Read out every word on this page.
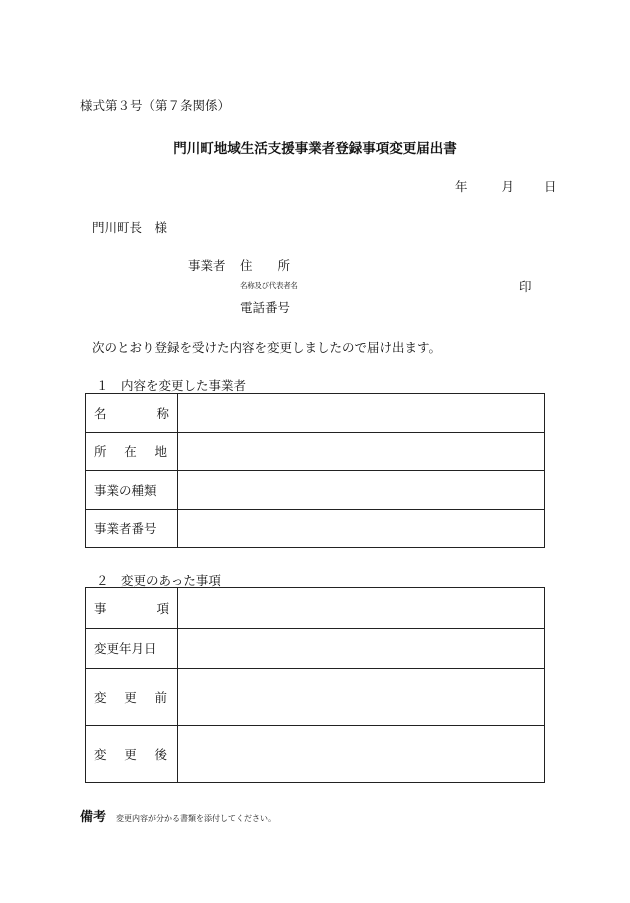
様式第３号（第７条関係）
門川町地域生活支援事業者登録事項変更届出書
年	月 日
門川町長　様
事業者 住　　所
名称及び代表者名	印
電話番号
次のとおり登録を受けた内容を変更しましたので届け出ます。
１　内容を変更した事業者
名 称	

所 在 地	

事業の種類	
事業者番号	
２　変更のあった事項
事 項	

変更年月日	

変 更 前	

変 更 後	

備考 変更内容が分かる書類を添付してください。
